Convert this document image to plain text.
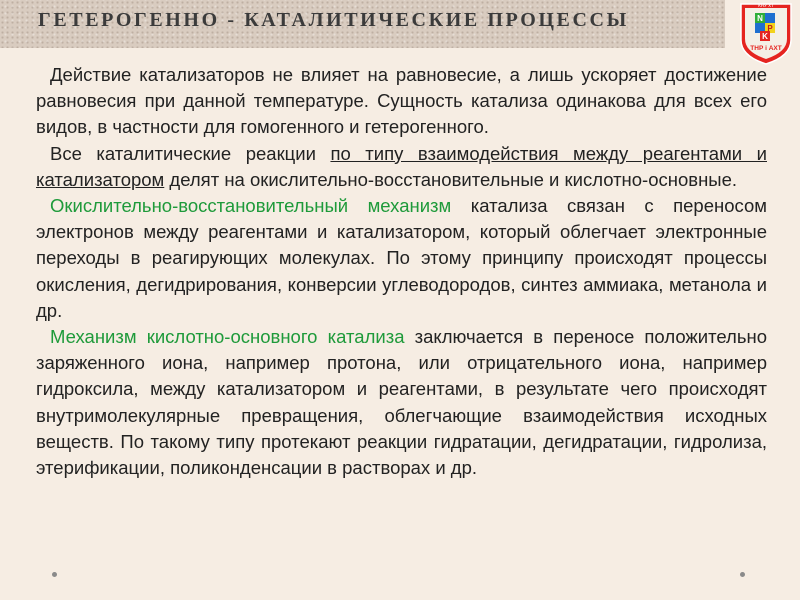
ГЕТЕРОГЕННО - КАТАЛИТИЧЕСКИЕ ПРОЦЕССЫ
КНУ ХТ
N
P
K
ТНР i АХТ

Действие катализаторов не влияет на равновесие, а лишь ускоряет достижение равновесия при данной температуре. Сущность катализа одинакова для всех его видов, в частности для гомогенного и гетерогенного.

Все каталитические реакции по типу взаимодействия между реагентами и катализатором делят на окислительно-восстановительные и кислотно-основные.

Окислительно-восстановительный механизм катализа связан с переносом электронов между реагентами и катализатором, который облегчает электронные переходы в реагирующих молекулах. По этому принципу происходят процессы окисления, дегидрирования, конверсии углеводородов, синтез аммиака, метанола и др.

Механизм кислотно-основного катализа заключается в переносе положительно заряженного иона, например протона, или отрицательного иона, например гидроксила, между катализатором и реагентами, в результате чего происходят внутримолекулярные превращения, облегчающие взаимодействия исходных веществ. По такому типу протекают реакции гидратации, дегидратации, гидролиза, этерификации, поликонденсации в растворах и др.
